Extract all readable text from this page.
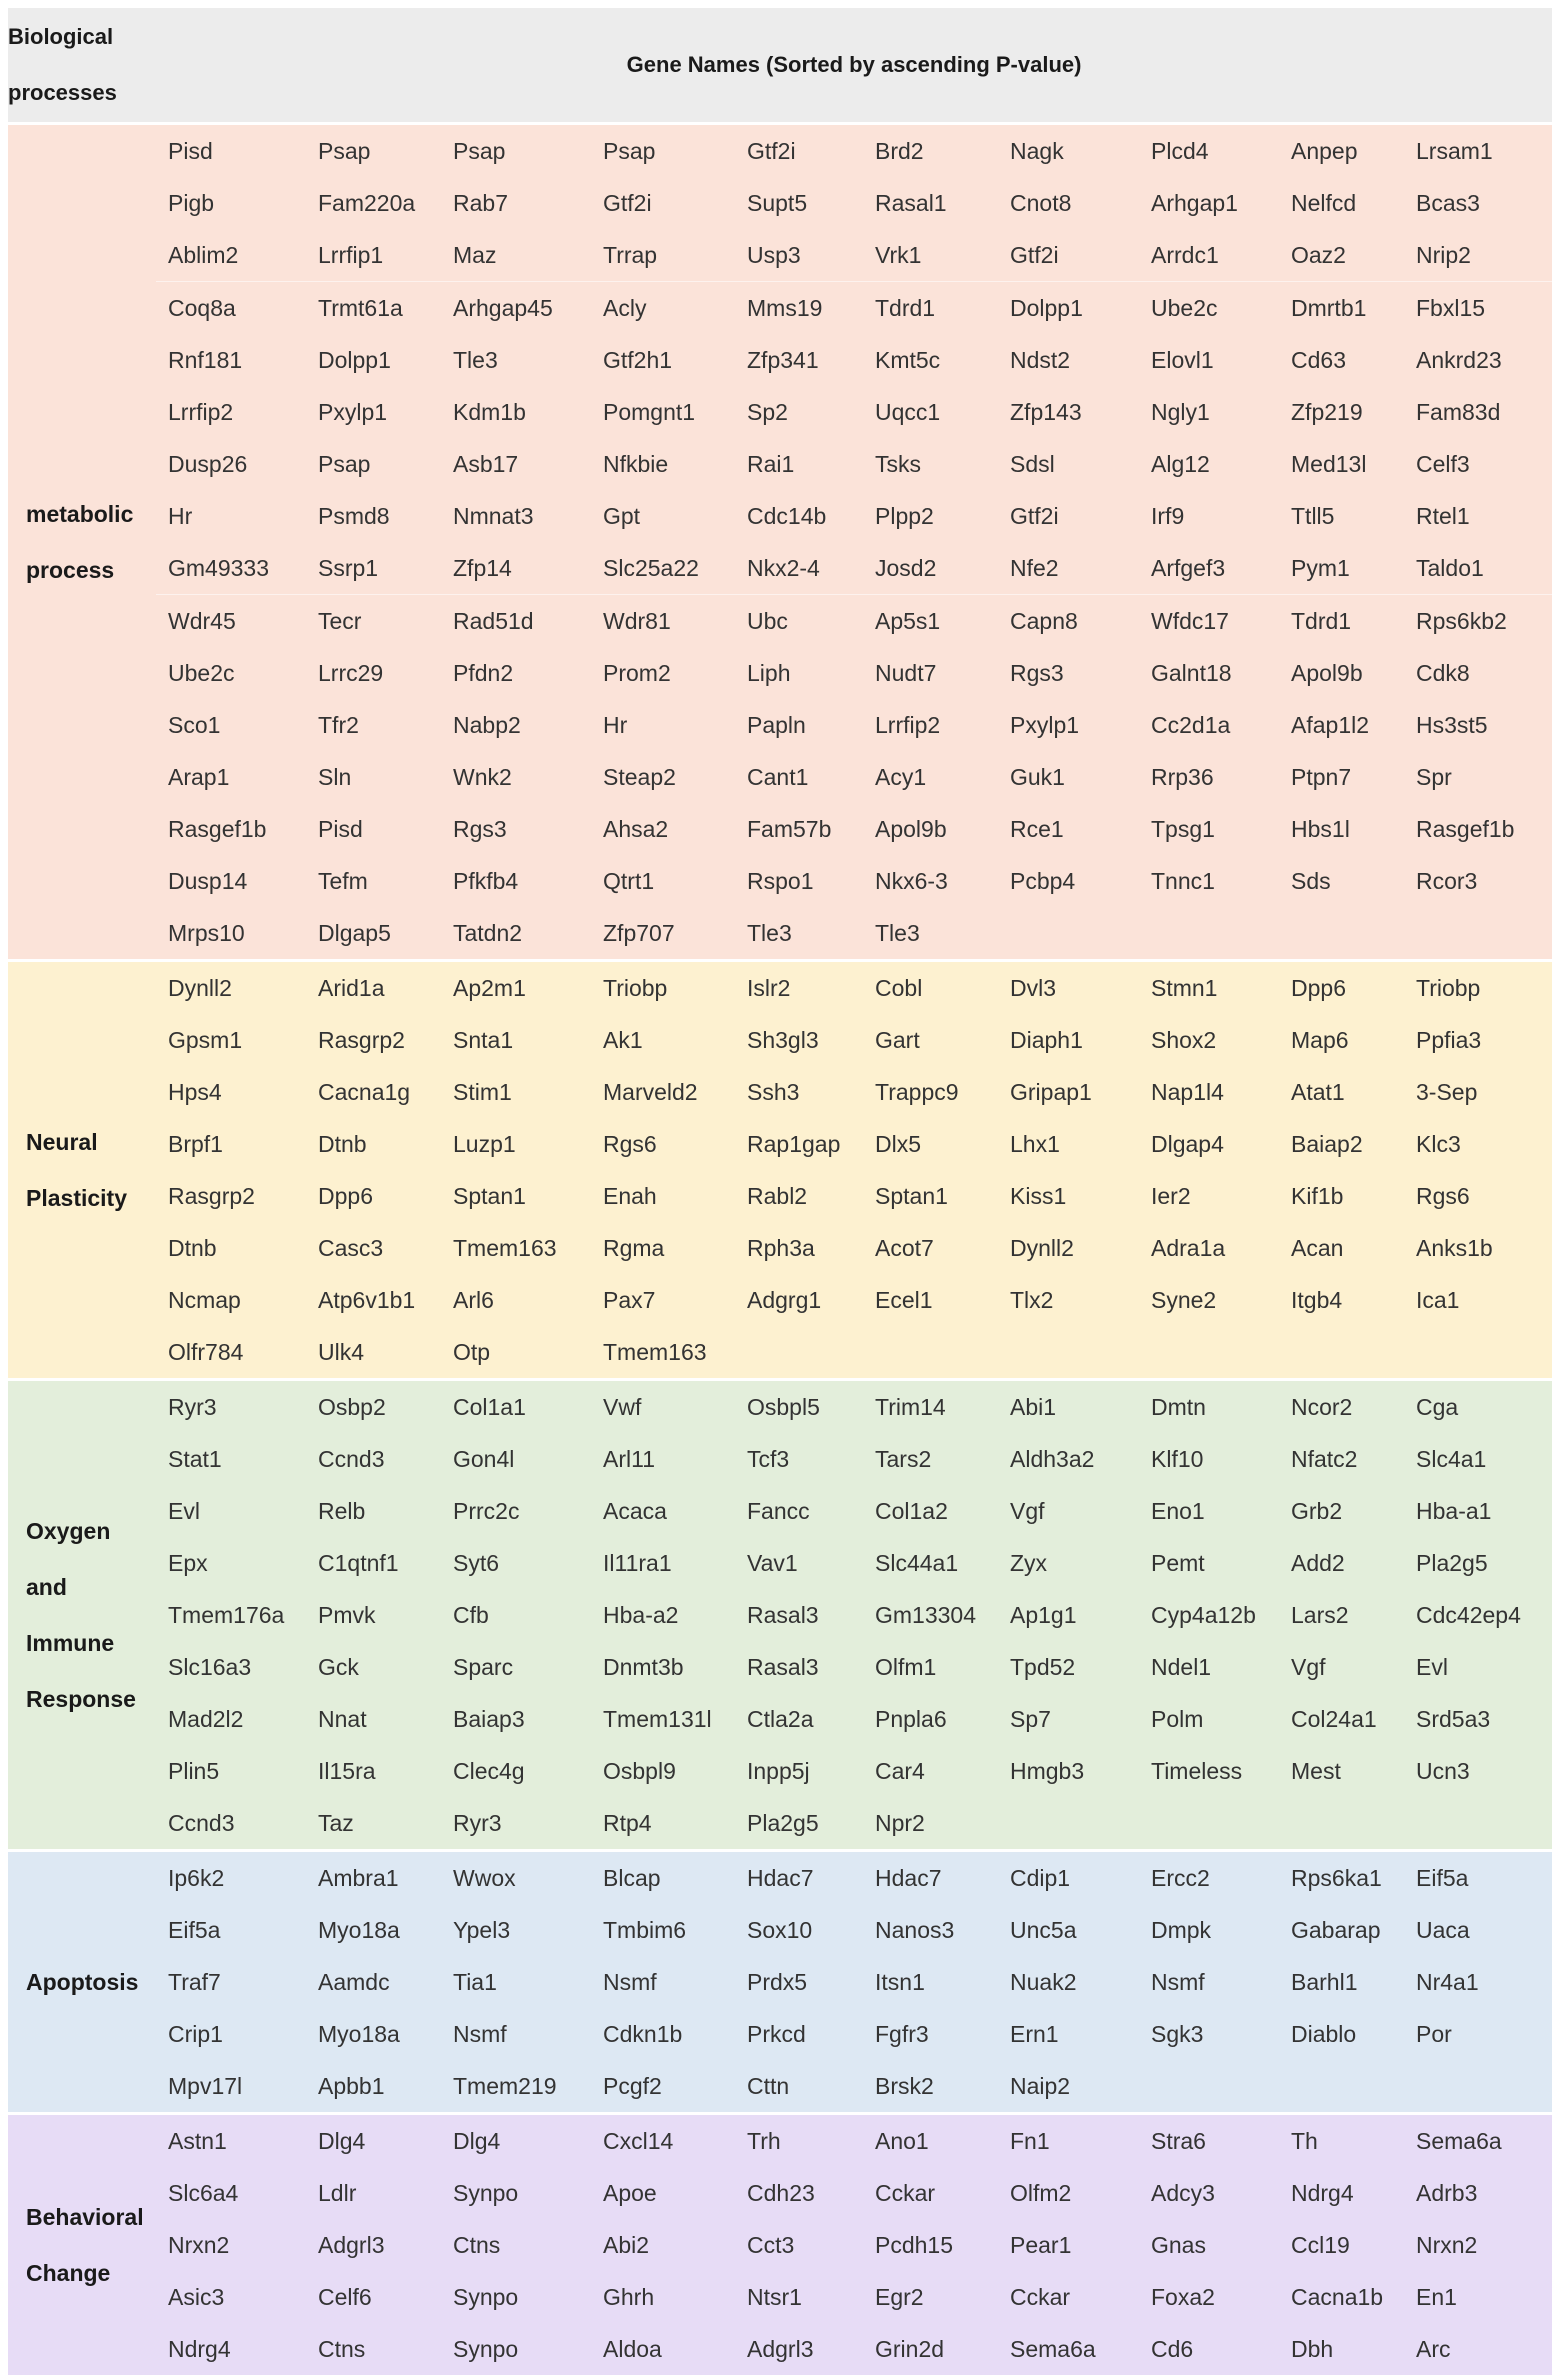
Biological
processes	Gene Names (Sorted by ascending P-value)									
metabolic
process	Pisd	Psap	Psap	Psap	Gtf2i	Brd2	Nagk	Plcd4	Anpep	Lrsam1
	Pigb	Fam220a	Rab7	Gtf2i	Supt5	Rasal1	Cnot8	Arhgap1	Nelfcd	Bcas3
	Ablim2	Lrrfip1	Maz	Trrap	Usp3	Vrk1	Gtf2i	Arrdc1	Oaz2	Nrip2
	Coq8a	Trmt61a	Arhgap45	Acly	Mms19	Tdrd1	Dolpp1	Ube2c	Dmrtb1	Fbxl15
	Rnf181	Dolpp1	Tle3	Gtf2h1	Zfp341	Kmt5c	Ndst2	Elovl1	Cd63	Ankrd23
	Lrrfip2	Pxylp1	Kdm1b	Pomgnt1	Sp2	Uqcc1	Zfp143	Ngly1	Zfp219	Fam83d
	Dusp26	Psap	Asb17	Nfkbie	Rai1	Tsks	Sdsl	Alg12	Med13l	Celf3
	Hr	Psmd8	Nmnat3	Gpt	Cdc14b	Plpp2	Gtf2i	Irf9	Ttll5	Rtel1
	Gm49333	Ssrp1	Zfp14	Slc25a22	Nkx2-4	Josd2	Nfe2	Arfgef3	Pym1	Taldo1
	Wdr45	Tecr	Rad51d	Wdr81	Ubc	Ap5s1	Capn8	Wfdc17	Tdrd1	Rps6kb2
	Ube2c	Lrrc29	Pfdn2	Prom2	Liph	Nudt7	Rgs3	Galnt18	Apol9b	Cdk8
	Sco1	Tfr2	Nabp2	Hr	Papln	Lrrfip2	Pxylp1	Cc2d1a	Afap1l2	Hs3st5
	Arap1	Sln	Wnk2	Steap2	Cant1	Acy1	Guk1	Rrp36	Ptpn7	Spr
	Rasgef1b	Pisd	Rgs3	Ahsa2	Fam57b	Apol9b	Rce1	Tpsg1	Hbs1l	Rasgef1b
	Dusp14	Tefm	Pfkfb4	Qtrt1	Rspo1	Nkx6-3	Pcbp4	Tnnc1	Sds	Rcor3
	Mrps10	Dlgap5	Tatdn2	Zfp707	Tle3	Tle3				
Neural
Plasticity	Dynll2	Arid1a	Ap2m1	Triobp	Islr2	Cobl	Dvl3	Stmn1	Dpp6	Triobp
	Gpsm1	Rasgrp2	Snta1	Ak1	Sh3gl3	Gart	Diaph1	Shox2	Map6	Ppfia3
	Hps4	Cacna1g	Stim1	Marveld2	Ssh3	Trappc9	Gripap1	Nap1l4	Atat1	3-Sep
	Brpf1	Dtnb	Luzp1	Rgs6	Rap1gap	Dlx5	Lhx1	Dlgap4	Baiap2	Klc3
	Rasgrp2	Dpp6	Sptan1	Enah	Rabl2	Sptan1	Kiss1	Ier2	Kif1b	Rgs6
	Dtnb	Casc3	Tmem163	Rgma	Rph3a	Acot7	Dynll2	Adra1a	Acan	Anks1b
	Ncmap	Atp6v1b1	Arl6	Pax7	Adgrg1	Ecel1	Tlx2	Syne2	Itgb4	Ica1
	Olfr784	Ulk4	Otp	Tmem163						
Oxygen
and
Immune
Response	Ryr3	Osbp2	Col1a1	Vwf	Osbpl5	Trim14	Abi1	Dmtn	Ncor2	Cga
	Stat1	Ccnd3	Gon4l	Arl11	Tcf3	Tars2	Aldh3a2	Klf10	Nfatc2	Slc4a1
	Evl	Relb	Prrc2c	Acaca	Fancc	Col1a2	Vgf	Eno1	Grb2	Hba-a1
	Epx	C1qtnf1	Syt6	Il11ra1	Vav1	Slc44a1	Zyx	Pemt	Add2	Pla2g5
	Tmem176a	Pmvk	Cfb	Hba-a2	Rasal3	Gm13304	Ap1g1	Cyp4a12b	Lars2	Cdc42ep4
	Slc16a3	Gck	Sparc	Dnmt3b	Rasal3	Olfm1	Tpd52	Ndel1	Vgf	Evl
	Mad2l2	Nnat	Baiap3	Tmem131l	Ctla2a	Pnpla6	Sp7	Polm	Col24a1	Srd5a3
	Plin5	Il15ra	Clec4g	Osbpl9	Inpp5j	Car4	Hmgb3	Timeless	Mest	Ucn3
	Ccnd3	Taz	Ryr3	Rtp4	Pla2g5	Npr2				
Apoptosis	Ip6k2	Ambra1	Wwox	Blcap	Hdac7	Hdac7	Cdip1	Ercc2	Rps6ka1	Eif5a
	Eif5a	Myo18a	Ypel3	Tmbim6	Sox10	Nanos3	Unc5a	Dmpk	Gabarap	Uaca
	Traf7	Aamdc	Tia1	Nsmf	Prdx5	Itsn1	Nuak2	Nsmf	Barhl1	Nr4a1
	Crip1	Myo18a	Nsmf	Cdkn1b	Prkcd	Fgfr3	Ern1	Sgk3	Diablo	Por
	Mpv17l	Apbb1	Tmem219	Pcgf2	Cttn	Brsk2	Naip2			
Behavioral
Change	Astn1	Dlg4	Dlg4	Cxcl14	Trh	Ano1	Fn1	Stra6	Th	Sema6a
	Slc6a4	Ldlr	Synpo	Apoe	Cdh23	Cckar	Olfm2	Adcy3	Ndrg4	Adrb3
	Nrxn2	Adgrl3	Ctns	Abi2	Cct3	Pcdh15	Pear1	Gnas	Ccl19	Nrxn2
	Asic3	Celf6	Synpo	Ghrh	Ntsr1	Egr2	Cckar	Foxa2	Cacna1b	En1
	Ndrg4	Ctns	Synpo	Aldoa	Adgrl3	Grin2d	Sema6a	Cd6	Dbh	Arc
